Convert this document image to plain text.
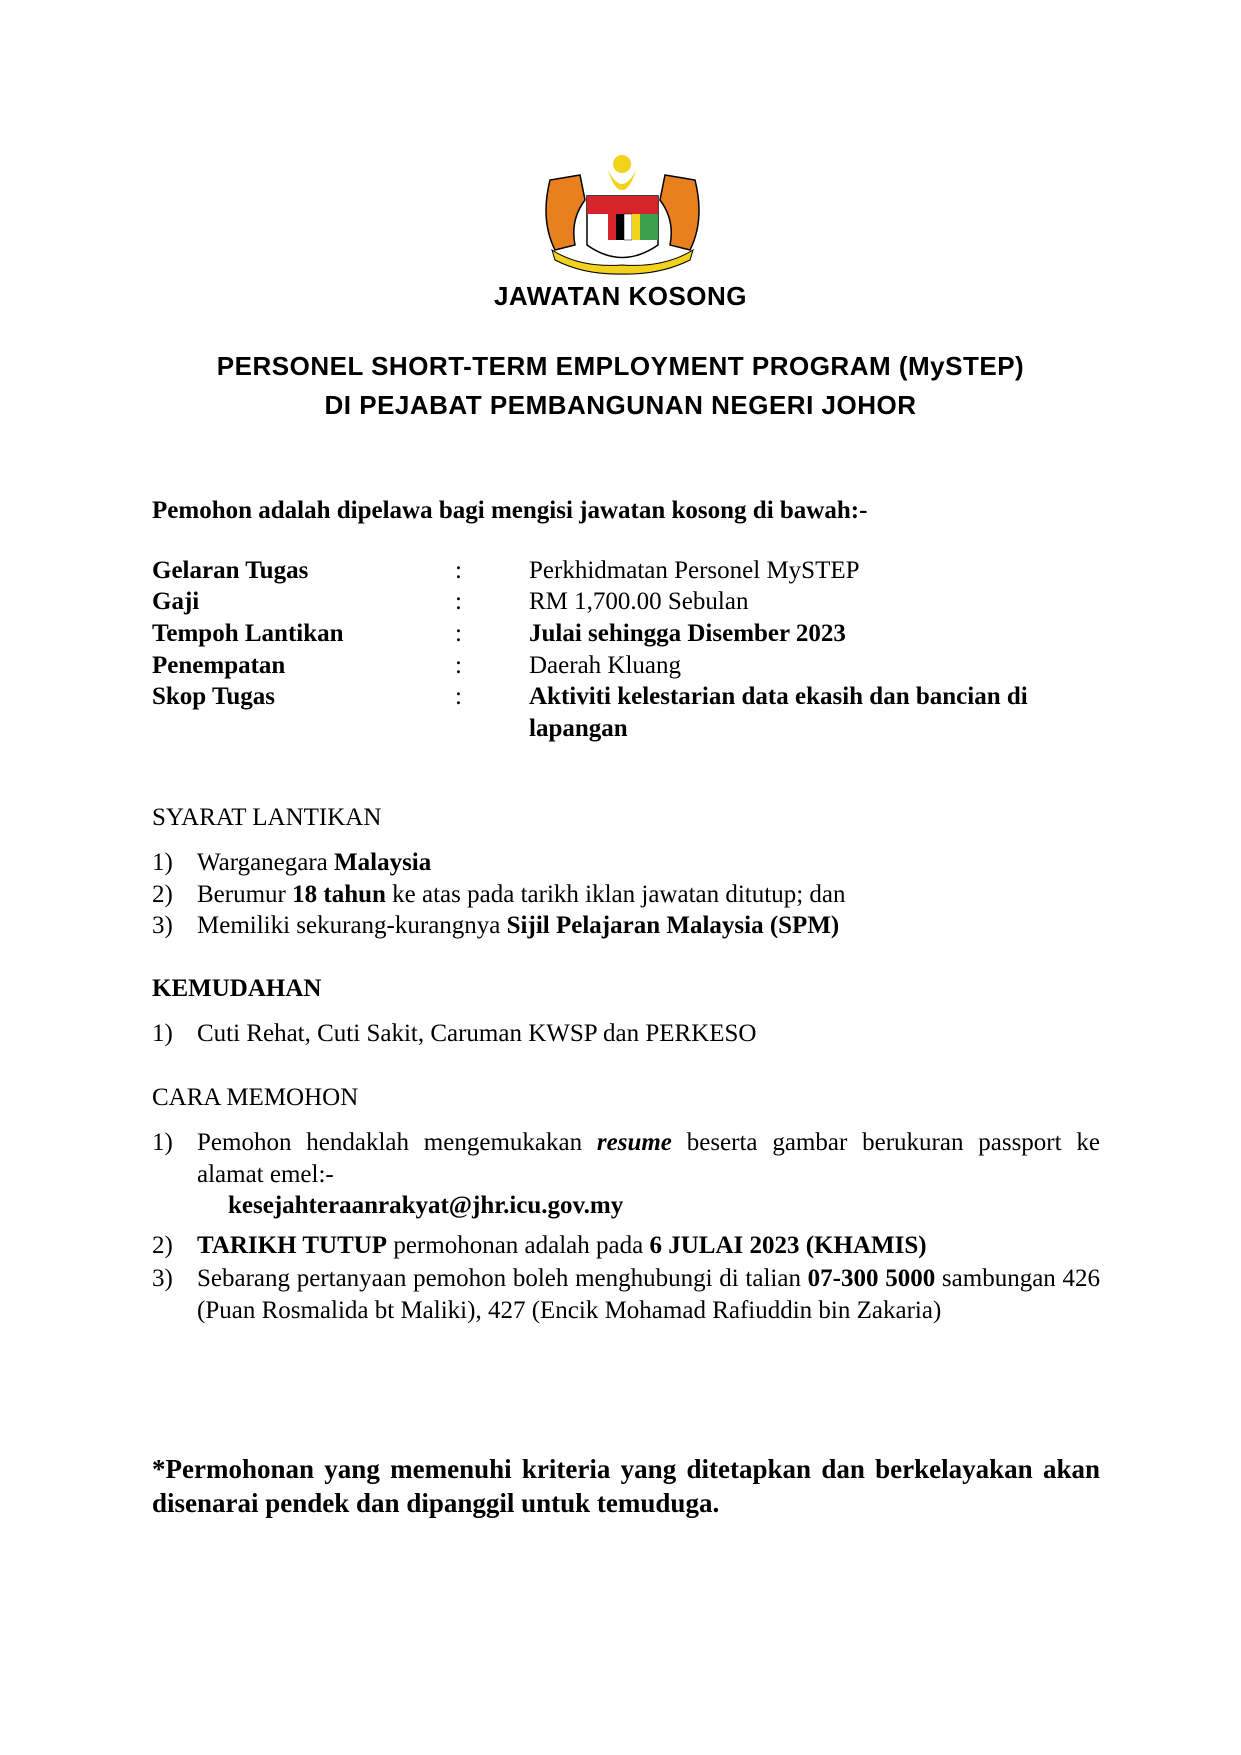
JAWATAN KOSONG
PERSONEL SHORT-TERM EMPLOYMENT PROGRAM (MySTEP)
DI PEJABAT PEMBANGUNAN NEGERI JOHOR
Pemohon adalah dipelawa bagi mengisi jawatan kosong di bawah:-
Gelaran Tugas	:	Perkhidmatan Personel MySTEP
Gaji	:	RM 1,700.00 Sebulan
Tempoh Lantikan	:	Julai sehingga Disember 2023
Penempatan	:	Daerah Kluang
Skop Tugas	:	Aktiviti kelestarian data ekasih dan bancian di lapangan
SYARAT LANTIKAN
1) Warganegara Malaysia
2) Berumur 18 tahun ke atas pada tarikh iklan jawatan ditutup; dan
3) Memiliki sekurang-kurangnya Sijil Pelajaran Malaysia (SPM)
KEMUDAHAN
1) Cuti Rehat, Cuti Sakit, Caruman KWSP dan PERKESO
CARA MEMOHON
1) Pemohon hendaklah mengemukakan resume beserta gambar berukuran passport ke alamat emel:-
kesejahteraanrakyat@jhr.icu.gov.my
2) TARIKH TUTUP permohonan adalah pada 6 JULAI 2023 (KHAMIS)
3) Sebarang pertanyaan pemohon boleh menghubungi di talian 07-300 5000 sambungan 426 (Puan Rosmalida bt Maliki), 427 (Encik Mohamad Rafiuddin bin Zakaria)
*Permohonan yang memenuhi kriteria yang ditetapkan dan berkelayakan akan disenarai pendek dan dipanggil untuk temuduga.
